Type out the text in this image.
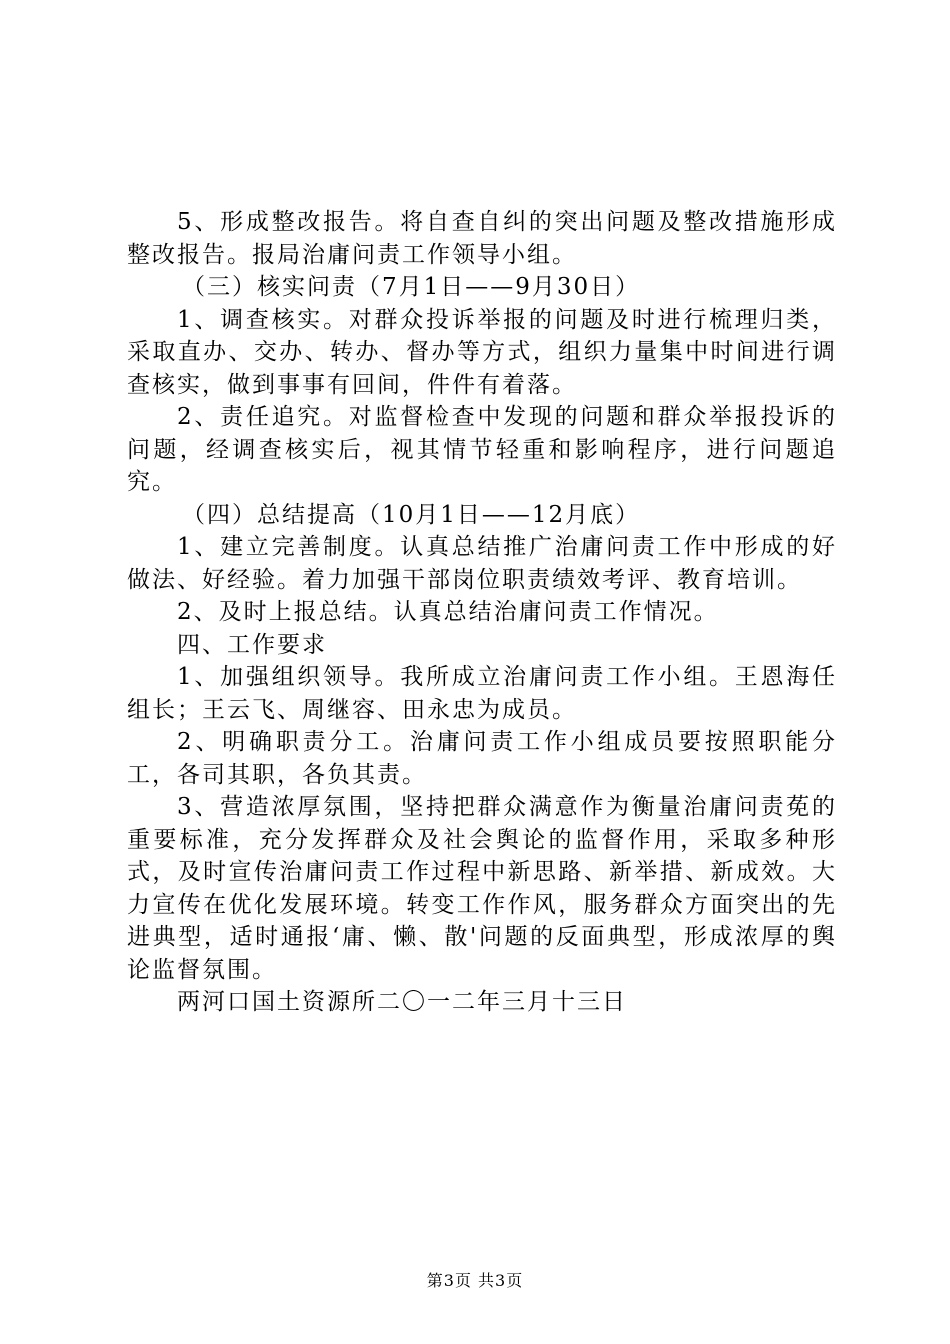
5、形成整改报告。将自查自纠的突出问题及整改措施形成整改报告。报局治庸问责工作领导小组。

（三）核实问责（7月1日——9月30日）

1、调查核实。对群众投诉举报的问题及时进行梳理归类，采取直办、交办、转办、督办等方式，组织力量集中时间进行调查核实，做到事事有回间，件件有着落。

2、责任追究。对监督检查中发现的问题和群众举报投诉的问题，经调查核实后，视其情节轻重和影响程序，进行问题追究。

（四）总结提高（10月1日——12月底）

1、建立完善制度。认真总结推广治庸问责工作中形成的好做法、好经验。着力加强干部岗位职责绩效考评、教育培训。

2、及时上报总结。认真总结治庸问责工作情况。

四、工作要求

1、加强组织领导。我所成立治庸问责工作小组。王恩海任组长；王云飞、周继容、田永忠为成员。

2、明确职责分工。治庸问责工作小组成员要按照职能分工，各司其职，各负其责。

3、营造浓厚氛围，坚持把群众满意作为衡量治庸问责莬的重要标准，充分发挥群众及社会舆论的监督作用，采取多种形式，及时宣传治庸问责工作过程中新思路、新举措、新成效。大力宣传在优化发展环境。转变工作作风，服务群众方面突出的先进典型，适时通报‘庸、懒、散'问题的反面典型，形成浓厚的舆论监督氛围。

两河口国土资源所二〇一二年三月十三日

第3页 共3页
